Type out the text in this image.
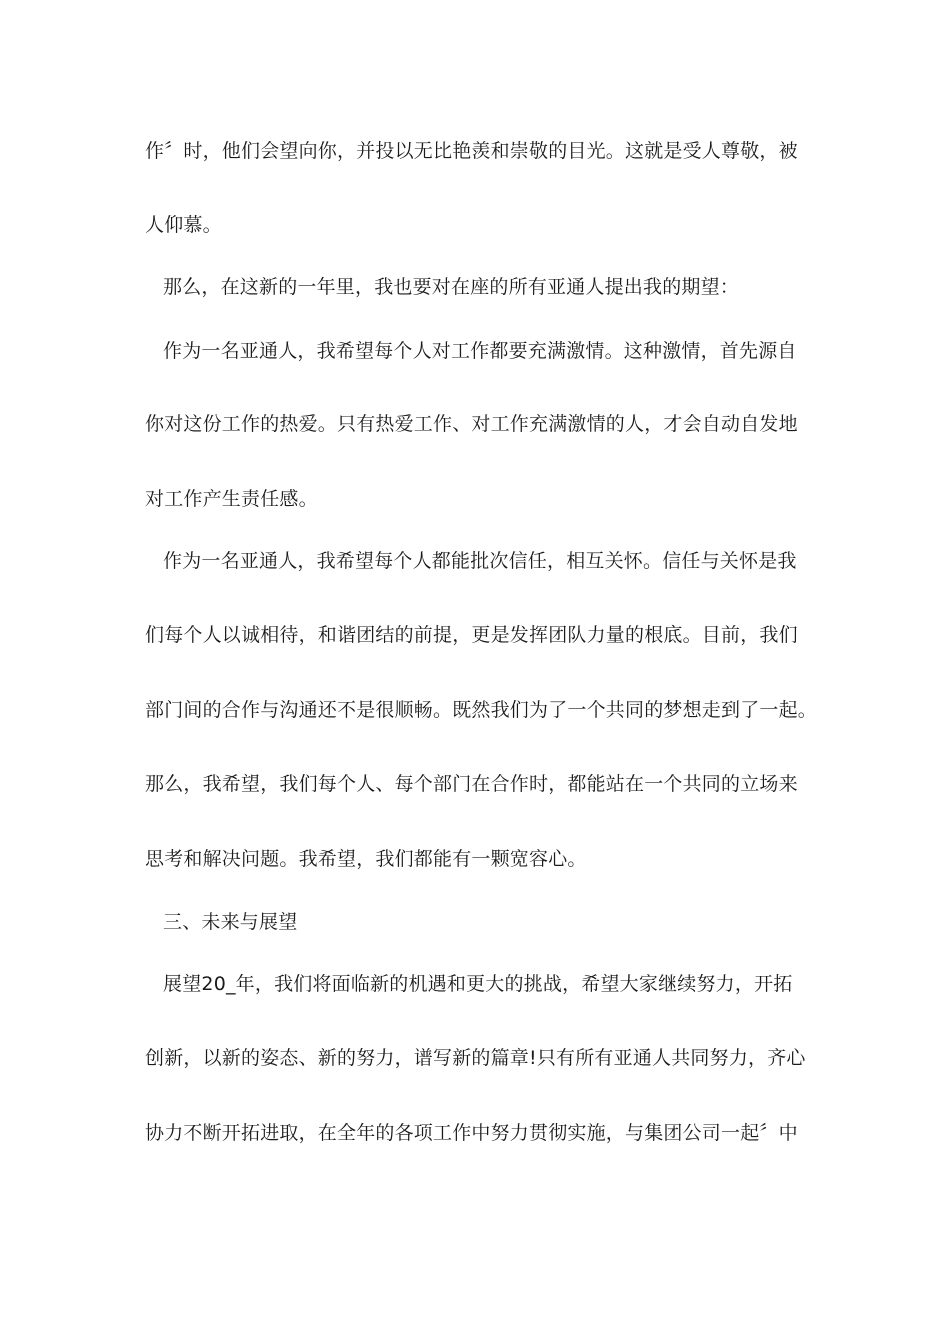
作〞时，他们会望向你，并投以无比艳羡和崇敬的目光。这就是受人尊敬，被
人仰慕。
那么，在这新的一年里，我也要对在座的所有亚通人提出我的期望：
作为一名亚通人，我希望每个人对工作都要充满激情。这种激情，首先源自
你对这份工作的热爱。只有热爱工作、对工作充满激情的人，才会自动自发地
对工作产生责任感。
作为一名亚通人，我希望每个人都能批次信任，相互关怀。信任与关怀是我
们每个人以诚相待，和谐团结的前提，更是发挥团队力量的根底。目前，我们
部门间的合作与沟通还不是很顺畅。既然我们为了一个共同的梦想走到了一起。
那么，我希望，我们每个人、每个部门在合作时，都能站在一个共同的立场来
思考和解决问题。我希望，我们都能有一颗宽容心。
三、未来与展望
展望20_年，我们将面临新的机遇和更大的挑战，希望大家继续努力，开拓
创新，以新的姿态、新的努力，谱写新的篇章!只有所有亚通人共同努力，齐心
协力不断开拓进取，在全年的各项工作中努力贯彻实施，与集团公司一起〞中
